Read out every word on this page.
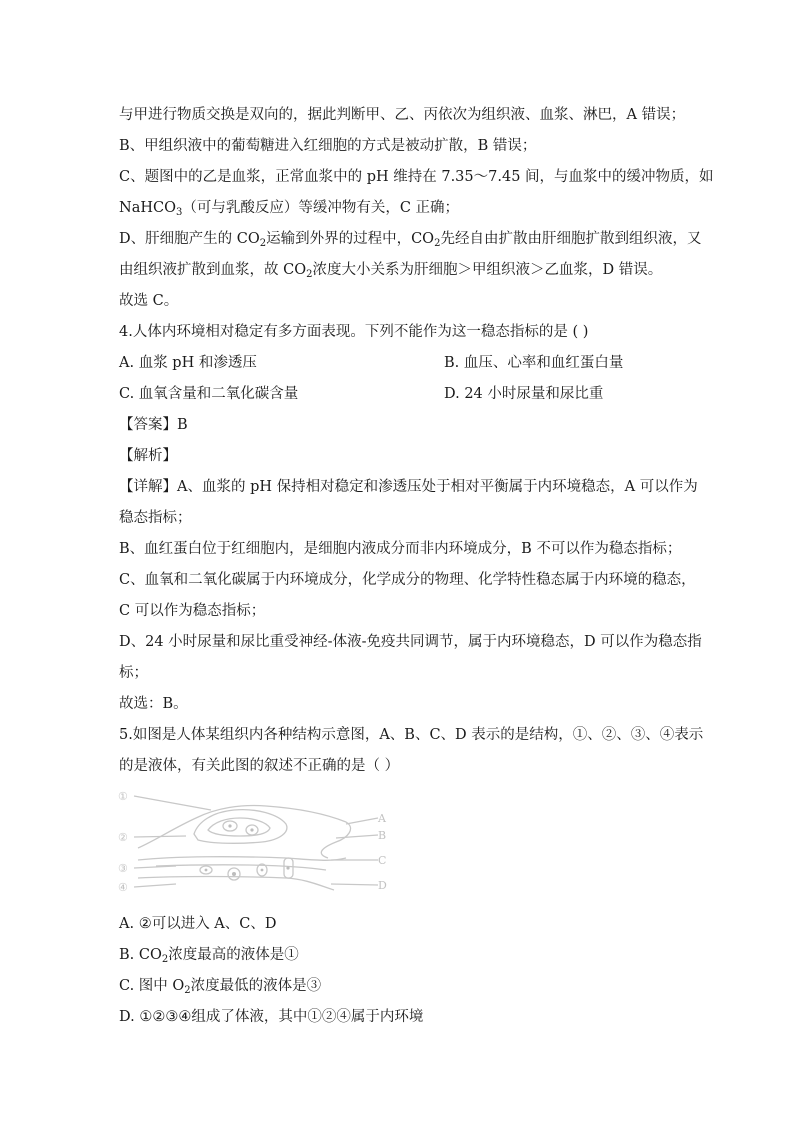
与甲进行物质交换是双向的，据此判断甲、乙、丙依次为组织液、血浆、淋巴，A 错误；
B、甲组织液中的葡萄糖进入红细胞的方式是被动扩散，B 错误；
C、题图中的乙是血浆，正常血浆中的 pH 维持在 7.35～7.45 间，与血浆中的缓冲物质，如
NaHCO$_3$（可与乳酸反应）等缓冲物有关，C 正确；
D、肝细胞产生的 $CO_2$运输到外界的过程中，$CO_2$先经自由扩散由肝细胞扩散到组织液，又
由组织液扩散到血浆，故 $CO_2$浓度大小关系为肝细胞＞甲组织液＞乙血浆，D 错误。
故选 C。
4.人体内环境相对稳定有多方面表现。下列不能作为这一稳态指标的是 ( )
A. 血浆 pH 和渗透压	B. 血压、心率和血红蛋白量
C. 血氧含量和二氧化碳含量	D. 24 小时尿量和尿比重
【答案】B
【解析】
【详解】A、血浆的 pH 保持相对稳定和渗透压处于相对平衡属于内环境稳态，A 可以作为
稳态指标；
B、血红蛋白位于红细胞内，是细胞内液成分而非内环境成分，B 不可以作为稳态指标；
C、血氧和二氧化碳属于内环境成分，化学成分的物理、化学特性稳态属于内环境的稳态，
C 可以作为稳态指标；
D、24 小时尿量和尿比重受神经-体液-免疫共同调节，属于内环境稳态，D 可以作为稳态指
标；
故选：B。
5.如图是人体某组织内各种结构示意图，A、B、C、D 表示的是结构，①、②、③、④表示
的是液体，有关此图的叙述不正确的是（ ）
①
②
③
④
A
B
C
D
A. ②可以进入 A、C、D
B. $CO_2$浓度最高的液体是①
C. 图中 $O_2$浓度最低的液体是③
D. ①②③④组成了体液，其中①②④属于内环境
